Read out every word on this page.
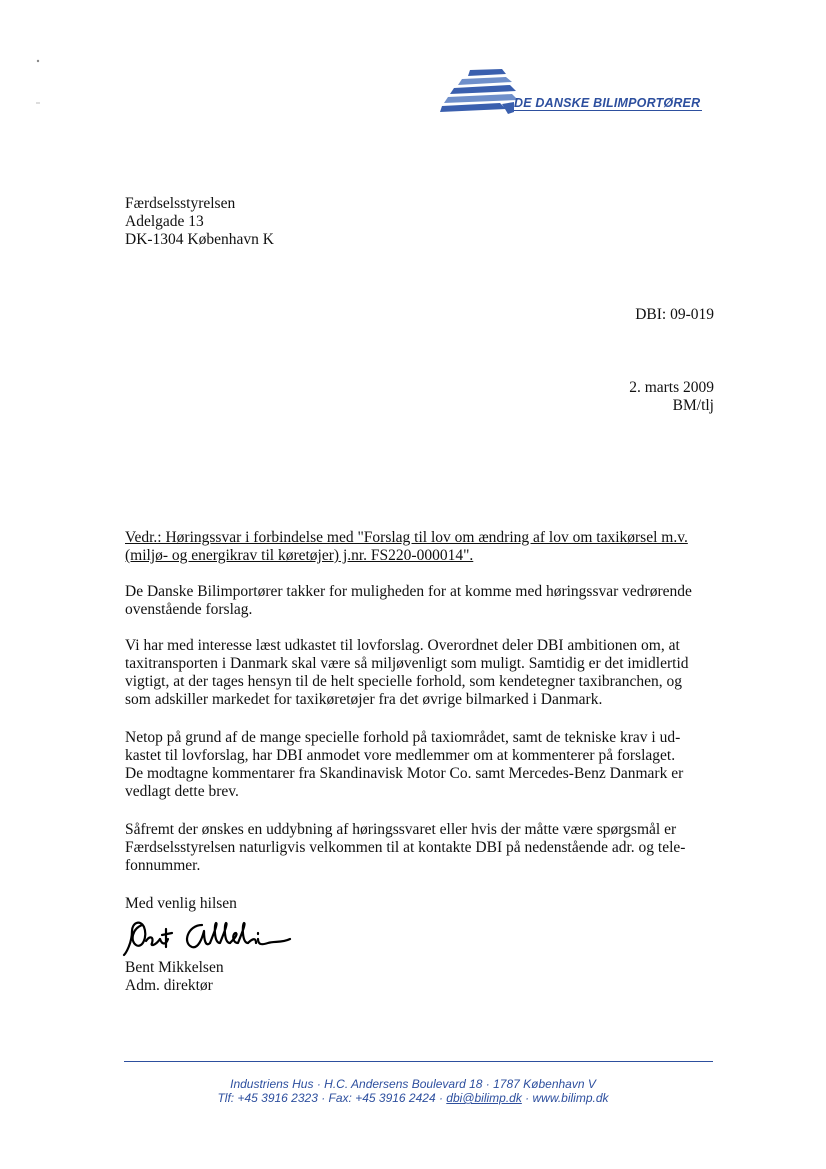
DE DANSKE BILIMPORTØRER
Færdselsstyrelsen
Adelgade 13
DK-1304 København K
DBI: 09-019
2. marts 2009
BM/tlj
Vedr.: Høringssvar i forbindelse med "Forslag til lov om ændring af lov om taxikørsel m.v.
(miljø- og energikrav til køretøjer) j.nr. FS220-000014".
De Danske Bilimportører takker for muligheden for at komme med høringssvar vedrørende
ovenstående forslag.
Vi har med interesse læst udkastet til lovforslag. Overordnet deler DBI ambitionen om, at
taxitransporten i Danmark skal være så miljøvenligt som muligt. Samtidig er det imidlertid
vigtigt, at der tages hensyn til de helt specielle forhold, som kendetegner taxibranchen, og
som adskiller markedet for taxikøretøjer fra det øvrige bilmarked i Danmark.
Netop på grund af de mange specielle forhold på taxiområdet, samt de tekniske krav i ud-
kastet til lovforslag, har DBI anmodet vore medlemmer om at kommenterer på forslaget.
De modtagne kommentarer fra Skandinavisk Motor Co. samt Mercedes-Benz Danmark er
vedlagt dette brev.
Såfremt der ønskes en uddybning af høringssvaret eller hvis der måtte være spørgsmål er
Færdselsstyrelsen naturligvis velkommen til at kontakte DBI på nedenstående adr. og tele-
fonnummer.
Med venlig hilsen
Bent Mikkelsen
Adm. direktør
Industriens Hus · H.C. Andersens Boulevard 18 · 1787 København V
Tlf: +45 3916 2323 · Fax: +45 3916 2424 · dbi@bilimp.dk · www.bilimp.dk
